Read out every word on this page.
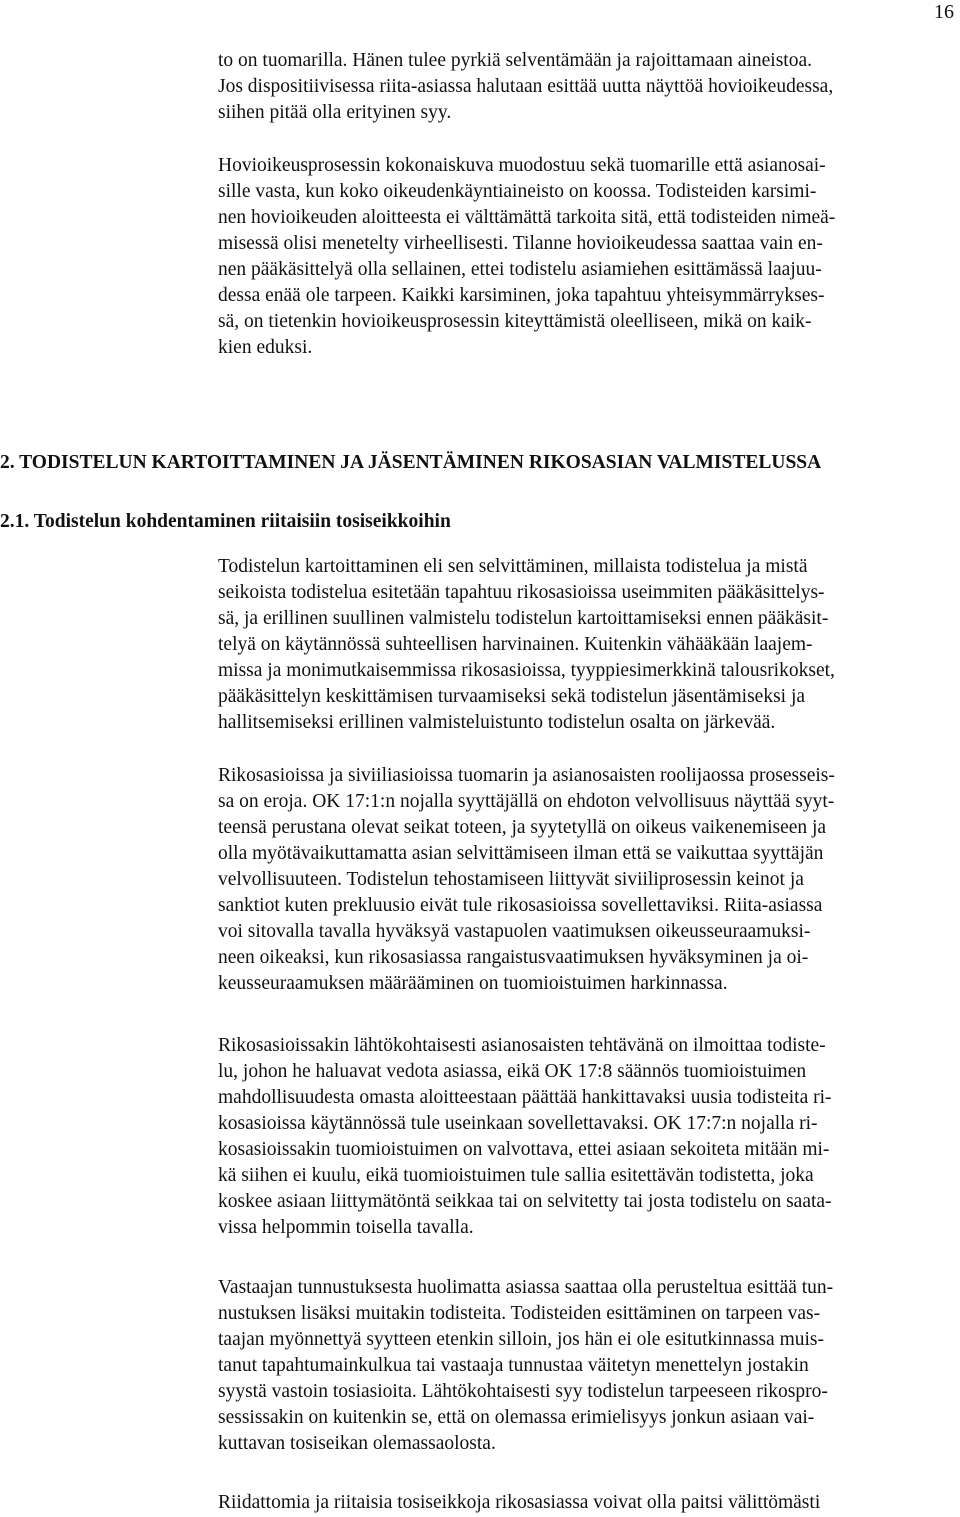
16
to on tuomarilla. Hänen tulee pyrkiä selventämään ja rajoittamaan aineistoa.
Jos dispositiivisessa riita-asiassa halutaan esittää uutta näyttöä hovioikeudessa,
siihen pitää olla erityinen syy.
Hovioikeusprosessin kokonaiskuva muodostuu sekä tuomarille että asianosai-
sille vasta, kun koko oikeudenkäyntiaineisto on koossa. Todisteiden karsimi-
nen hovioikeuden aloitteesta ei välttämättä tarkoita sitä, että todisteiden nimeä-
misessä olisi menetelty virheellisesti. Tilanne hovioikeudessa saattaa vain en-
nen pääkäsittelyä olla sellainen, ettei todistelu asiamiehen esittämässä laajuu-
dessa enää ole tarpeen. Kaikki karsiminen, joka tapahtuu yhteisymmärrykses-
sä, on tietenkin hovioikeusprosessin kiteyttämistä oleelliseen, mikä on kaik-
kien eduksi.
2. TODISTELUN KARTOITTAMINEN JA JÄSENTÄMINEN RIKOSASIAN VALMISTELUSSA
2.1. Todistelun kohdentaminen riitaisiin tosiseikkoihin
Todistelun kartoittaminen eli sen selvittäminen, millaista todistelua ja mistä
seikoista todistelua esitetään tapahtuu rikosasioissa useimmiten pääkäsittelys-
sä, ja erillinen suullinen valmistelu todistelun kartoittamiseksi ennen pääkäsit-
telyä on käytännössä suhteellisen harvinainen. Kuitenkin vähääkään laajem-
missa ja monimutkaisemmissa rikosasioissa, tyyppiesimerkkinä talousrikokset,
pääkäsittelyn keskittämisen turvaamiseksi sekä todistelun jäsentämiseksi ja
hallitsemiseksi erillinen valmisteluistunto todistelun osalta on järkevää.
Rikosasioissa ja siviiliasioissa tuomarin ja asianosaisten roolijaossa prosesseis-
sa on eroja. OK 17:1:n nojalla syyttäjällä on ehdoton velvollisuus näyttää syyt-
teensä perustana olevat seikat toteen, ja syytetyllä on oikeus vaikenemiseen ja
olla myötävaikuttamatta asian selvittämiseen ilman että se vaikuttaa syyttäjän
velvollisuuteen. Todistelun tehostamiseen liittyvät siviiliprosessin keinot ja
sanktiot kuten prekluusio eivät tule rikosasioissa sovellettaviksi. Riita-asiassa
voi sitovalla tavalla hyväksyä vastapuolen vaatimuksen oikeusseuraamuksi-
neen oikeaksi, kun rikosasiassa rangaistusvaatimuksen hyväksyminen ja oi-
keusseuraamuksen määrääminen on tuomioistuimen harkinnassa.
Rikosasioissakin lähtökohtaisesti asianosaisten tehtävänä on ilmoittaa todiste-
lu, johon he haluavat vedota asiassa, eikä OK 17:8 säännös tuomioistuimen
mahdollisuudesta omasta aloitteestaan päättää hankittavaksi uusia todisteita ri-
kosasioissa käytännössä tule useinkaan sovellettavaksi. OK 17:7:n nojalla ri-
kosasioissakin tuomioistuimen on valvottava, ettei asiaan sekoiteta mitään mi-
kä siihen ei kuulu, eikä tuomioistuimen tule sallia esitettävän todistetta, joka
koskee asiaan liittymätöntä seikkaa tai on selvitetty tai josta todistelu on saata-
vissa helpommin toisella tavalla.
Vastaajan tunnustuksesta huolimatta asiassa saattaa olla perusteltua esittää tun-
nustuksen lisäksi muitakin todisteita. Todisteiden esittäminen on tarpeen vas-
taajan myönnettyä syytteen etenkin silloin, jos hän ei ole esitutkinnassa muis-
tanut tapahtumainkulkua tai vastaaja tunnustaa väitetyn menettelyn jostakin
syystä vastoin tosiasioita. Lähtökohtaisesti syy todistelun tarpeeseen rikospro-
sessissakin on kuitenkin se, että on olemassa erimielisyys jonkun asiaan vai-
kuttavan tosiseikan olemassaolosta.
Riidattomia ja riitaisia tosiseikkoja rikosasiassa voivat olla paitsi välittömästi
